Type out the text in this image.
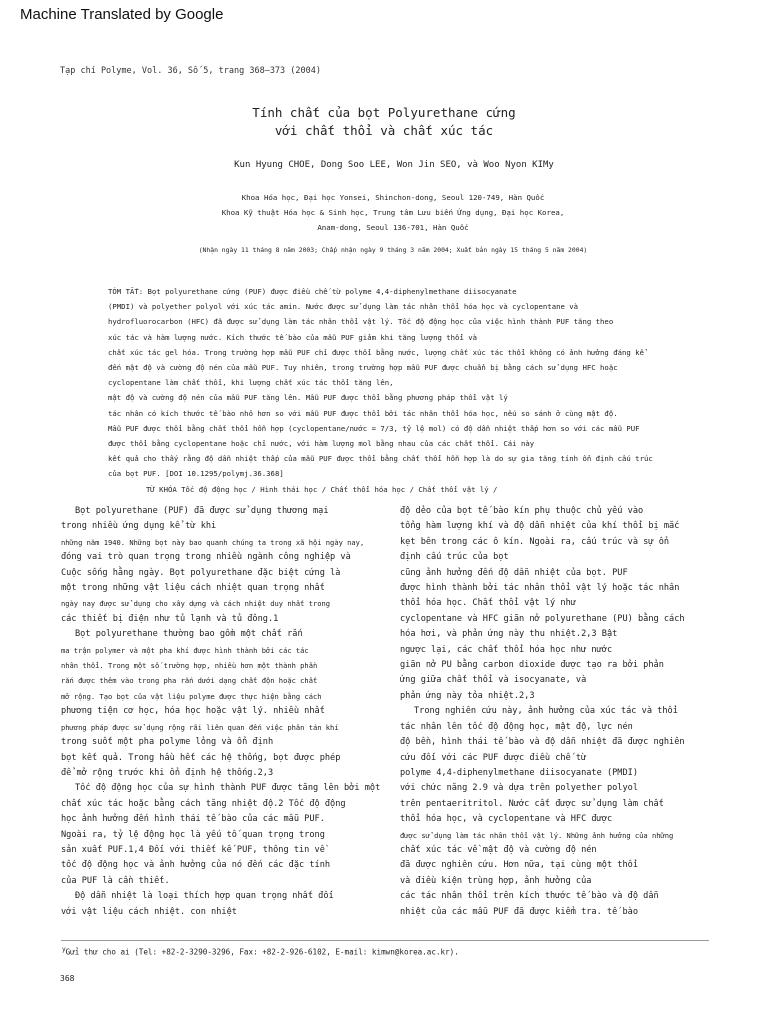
Machine Translated by Google
Tạp chí Polyme, Vol. 36, Số 5, trang 368–373 (2004)
Tính chất của bọt Polyurethane cứng
với chất thổi và chất xúc tác
Kun Hyung CHOE, Dong Soo LEE, Won Jin SEO, và Woo Nyon KIMy
Khoa Hóa học, Đại học Yonsei, Shinchon-dong, Seoul 120-749, Hàn Quốc
Khoa Kỹ thuật Hóa học & Sinh học, Trung tâm Lưu biến Ứng dụng, Đại học Korea,
Anam-dong, Seoul 136-701, Hàn Quốc
(Nhận ngày 11 tháng 8 năm 2003; Chấp nhận ngày 9 tháng 3 năm 2004; Xuất bản ngày 15 tháng 5 năm 2004)
TÓM TẮT: Bọt polyurethane cứng (PUF) được điều chế từ polyme 4,4-diphenylmethane diisocyanate
(PMDI) và polyether polyol với xúc tác amin. Nước được sử dụng làm tác nhân thổi hóa học và cyclopentane và
hydrofluorocarbon (HFC) đã được sử dụng làm tác nhân thổi vật lý. Tốc độ động học của việc hình thành PUF tăng theo
xúc tác và hàm lượng nước. Kích thước tế bào của mẫu PUF giảm khi tăng lượng thổi và
chất xúc tác gel hóa. Trong trường hợp mẫu PUF chỉ được thổi bằng nước, lượng chất xúc tác thổi không có ảnh hưởng đáng kể
đến mật độ và cường độ nén của mẫu PUF. Tuy nhiên, trong trường hợp mẫu PUF được chuẩn bị bằng cách sử dụng HFC hoặc
cyclopentane làm chất thổi, khi lượng chất xúc tác thổi tăng lên,
mật độ và cường độ nén của mẫu PUF tăng lên. Mẫu PUF được thổi bằng phương pháp thổi vật lý
tác nhân có kích thước tế bào nhỏ hơn so với mẫu PUF được thổi bởi tác nhân thổi hóa học, nếu so sánh ở cùng mật độ.
Mẫu PUF được thổi bằng chất thổi hỗn hợp (cyclopentane/nước = 7/3, tỷ lệ mol) có độ dẫn nhiệt thấp hơn so với các mẫu PUF
được thổi bằng cyclopentane hoặc chỉ nước, với hàm lượng mol bằng nhau của các chất thổi. Cái này
kết quả cho thấy rằng độ dẫn nhiệt thấp của mẫu PUF được thổi bằng chất thổi hỗn hợp là do sự gia tăng tính ổn định cấu trúc
của bọt PUF. [DOI 10.1295/polymj.36.368]
TỪ KHÓA Tốc độ động học / Hình thái học / Chất thổi hóa học / Chất thổi vật lý /
Bọt polyurethane (PUF) đã được sử dụng thương mại
trong nhiều ứng dụng kể từ khi
những năm 1940. Những bọt này bao quanh chúng ta trong xã hội ngày nay,
đóng vai trò quan trọng trong nhiều ngành công nghiệp và
Cuộc sống hằng ngày. Bọt polyurethane đặc biệt cứng là
một trong những vật liệu cách nhiệt quan trọng nhất
ngày nay được sử dụng cho xây dựng và cách nhiệt duy nhất trong
các thiết bị điện như tủ lạnh và tủ đông.1
Bọt polyurethane thường bao gồm một chất rắn
ma trận polymer và một pha khí được hình thành bởi các tác
nhân thổi. Trong một số trường hợp, nhiều hơn một thành phần
rắn được thêm vào trong pha rắn dưới dạng chất độn hoặc chất
mở rộng. Tạo bọt của vật liệu polyme được thực hiện bằng cách
phương tiện cơ học, hóa học hoặc vật lý. nhiều nhất
phương pháp được sử dụng rộng rãi liên quan đến việc phân tán khí
trong suốt một pha polyme lỏng và ổn định
bọt kết quả. Trong hầu hết các hệ thống, bọt được phép
để mở rộng trước khi ổn định hệ thống.2,3
Tốc độ động học của sự hình thành PUF được tăng lên bởi một
chất xúc tác hoặc bằng cách tăng nhiệt độ.2 Tốc độ động
học ảnh hưởng đến hình thái tế bào của các mẫu PUF.
Ngoài ra, tỷ lệ động học là yếu tố quan trọng trong
sản xuất PUF.1,4 Đối với thiết kế PUF, thông tin về
tốc độ động học và ảnh hưởng của nó đến các đặc tính
của PUF là cần thiết.
Độ dẫn nhiệt là loại thích hợp quan trọng nhất đối
với vật liệu cách nhiệt. con nhiệt
độ dẻo của bọt tế bào kín phụ thuộc chủ yếu vào
tổng hàm lượng khí và độ dẫn nhiệt của khí thổi bị mắc
kẹt bên trong các ô kín. Ngoài ra, cấu trúc và sự ổn
định cấu trúc của bọt
cũng ảnh hưởng đến độ dẫn nhiệt của bọt. PUF
được hình thành bởi tác nhân thổi vật lý hoặc tác nhân
thổi hóa học. Chất thổi vật lý như
cyclopentane và HFC giãn nở polyurethane (PU) bằng cách
hóa hơi, và phản ứng này thu nhiệt.2,3 Bật
ngược lại, các chất thổi hóa học như nước
giãn nở PU bằng carbon dioxide được tạo ra bởi phản
ứng giữa chất thổi và isocyanate, và
phản ứng này tỏa nhiệt.2,3
Trong nghiên cứu này, ảnh hưởng của xúc tác và thổi
tác nhân lên tốc độ động học, mật độ, lực nén
độ bền, hình thái tế bào và độ dẫn nhiệt đã được nghiên
cứu đối với các PUF được điều chế từ
polyme 4,4-diphenylmethane diisocyanate (PMDI)
với chức năng 2.9 và dựa trên polyether polyol
trên pentaeritritol. Nước cất được sử dụng làm chất
thổi hóa học, và cyclopentane và HFC được
được sử dụng làm tác nhân thổi vật lý. Những ảnh hưởng của những
chất xúc tác về mật độ và cường độ nén
đã được nghiên cứu. Hơn nữa, tại cùng một thổi
và điều kiện trùng hợp, ảnh hưởng của
các tác nhân thổi trên kích thước tế bào và độ dẫn
nhiệt của các mẫu PUF đã được kiểm tra. tế bào
$^y$Gửi thư cho ai (Tel: +82-2-3290-3296, Fax: +82-2-926-6102, E-mail: kimwn@korea.ac.kr).
368
